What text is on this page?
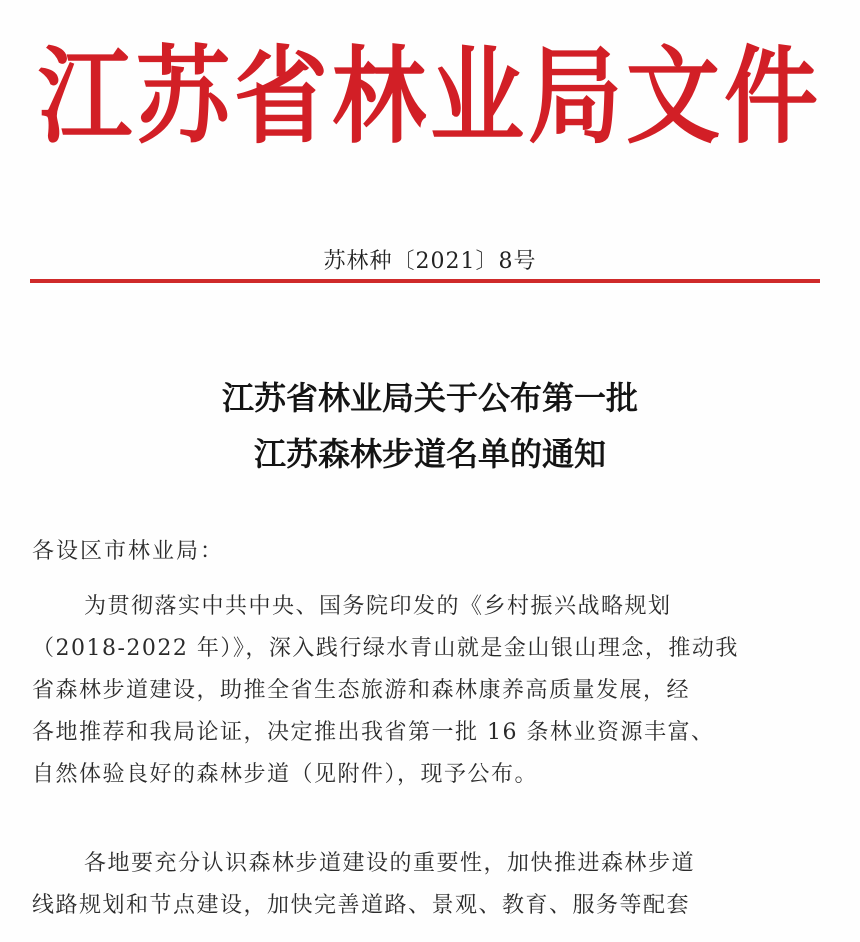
江苏省林业局文件
苏林种〔2021〕8号
江苏省林业局关于公布第一批
江苏森林步道名单的通知
各设区市林业局：
为贯彻落实中共中央、国务院印发的《乡村振兴战略规划
（2018-2022 年）》，深入践行绿水青山就是金山银山理念，推动我
省森林步道建设，助推全省生态旅游和森林康养高质量发展，经
各地推荐和我局论证，决定推出我省第一批 16 条林业资源丰富、
自然体验良好的森林步道（见附件），现予公布。
各地要充分认识森林步道建设的重要性，加快推进森林步道
线路规划和节点建设，加快完善道路、景观、教育、服务等配套
